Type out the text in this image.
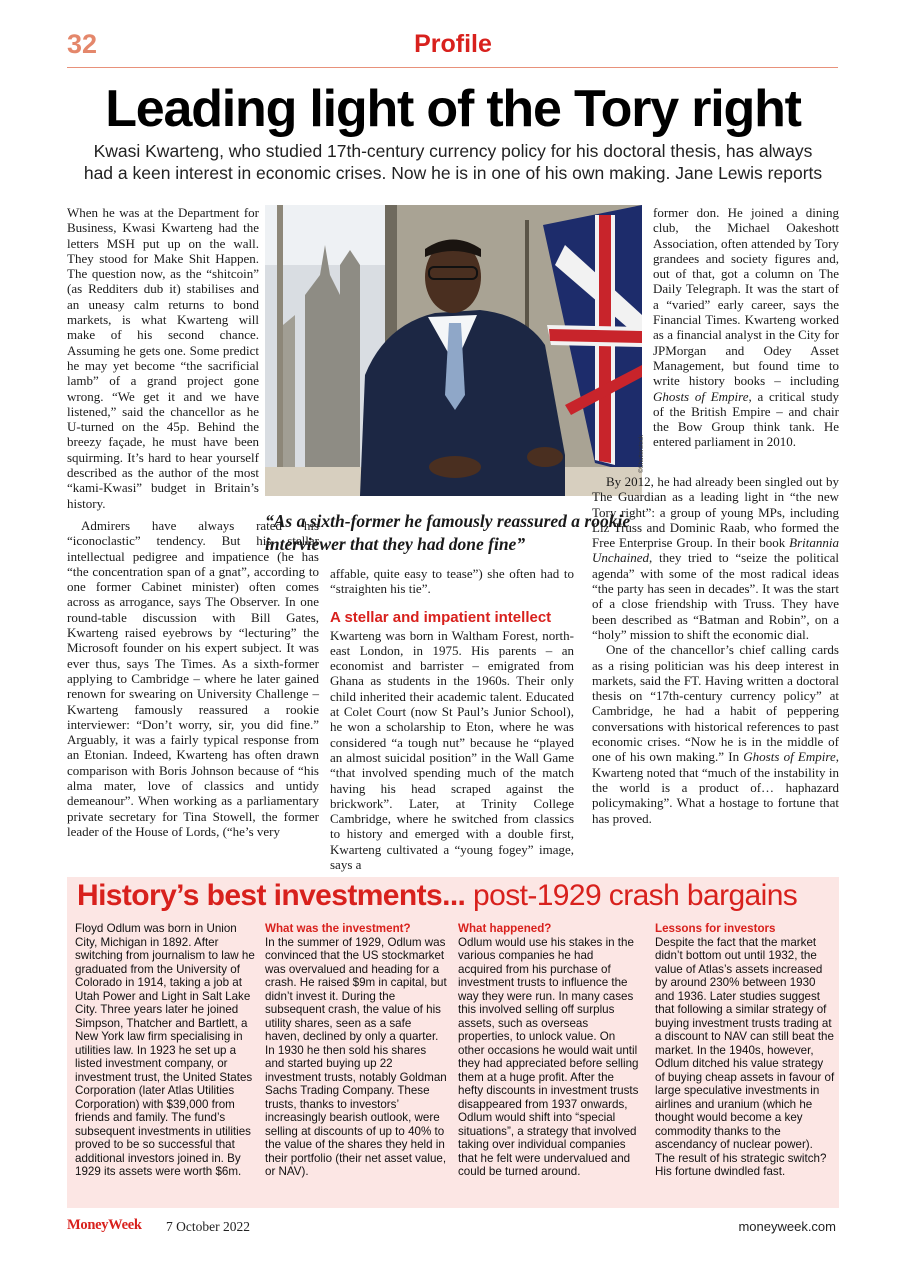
32	Profile
Leading light of the Tory right
Kwasi Kwarteng, who studied 17th-century currency policy for his doctoral thesis, has always had a keen interest in economic crises. Now he is in one of his own making. Jane Lewis reports

When he was at the Department for Business, Kwasi Kwarteng had the letters MSH put up on the wall. They stood for Make Shit Happen. The question now, as the “shitcoin” (as Redditers dub it) stabilises and an uneasy calm returns to bond markets, is what Kwarteng will make of his second chance. Assuming he gets one. Some predict he may yet become “the sacrificial lamb” of a grand project gone wrong. “We get it and we have listened,” said the chancellor as he U-turned on the 45p. Behind the breezy façade, he must have been squirming. It’s hard to hear yourself described as the author of the most “kami-Kwasi” budget in Britain’s history.

Admirers have always rated his “iconoclastic” tendency. But his stellar intellectual pedigree and impatience (he has “the concentration span of a gnat”, according to one former Cabinet minister) often comes across as arrogance, says The Observer. In one round-table discussion with Bill Gates, Kwarteng raised eyebrows by “lecturing” the Microsoft founder on his expert subject. It was ever thus, says The Times. As a sixth-former applying to Cambridge – where he later gained renown for swearing on University Challenge – Kwarteng famously reassured a rookie interviewer: “Don’t worry, sir, you did fine.” Arguably, it was a fairly typical response from an Etonian. Indeed, Kwarteng has often drawn comparison with Boris Johnson because of “his alma mater, love of classics and untidy demeanour”. When working as a parliamentary private secretary for Tina Stowell, the former leader of the House of Lords, (“he’s very

©Shutterstock
“As a sixth-former he famously reassured a rookie interviewer that they had done fine”

affable, quite easy to tease”) she often had to “straighten his tie”.

A stellar and impatient intellect

Kwarteng was born in Waltham Forest, north-east London, in 1975. His parents – an economist and barrister – emigrated from Ghana as students in the 1960s. Their only child inherited their academic talent. Educated at Colet Court (now St Paul’s Junior School), he won a scholarship to Eton, where he was considered “a tough nut” because he “played an almost suicidal position” in the Wall Game “that involved spending much of the match having his head scraped against the brickwork”. Later, at Trinity College Cambridge, where he switched from classics to history and emerged with a double first, Kwarteng cultivated a “young fogey” image, says a

former don. He joined a dining club, the Michael Oakeshott Association, often attended by Tory grandees and society figures and, out of that, got a column on The Daily Telegraph. It was the start of a “varied” early career, says the Financial Times. Kwarteng worked as a financial analyst in the City for JPMorgan and Odey Asset Management, but found time to write history books – including Ghosts of Empire, a critical study of the British Empire – and chair the Bow Group think tank. He entered parliament in 2010.

By 2012, he had already been singled out by The Guardian as a leading light in “the new Tory right”: a group of young MPs, including Liz Truss and Dominic Raab, who formed the Free Enterprise Group. In their book Britannia Unchained, they tried to “seize the political agenda” with some of the most radical ideas “the party has seen in decades”. It was the start of a close friendship with Truss. They have been described as “Batman and Robin”, on a “holy” mission to shift the economic dial.

One of the chancellor’s chief calling cards as a rising politician was his deep interest in markets, said the FT. Having written a doctoral thesis on “17th-century currency policy” at Cambridge, he had a habit of peppering conversations with historical references to past economic crises. “Now he is in the middle of one of his own making.” In Ghosts of Empire, Kwarteng noted that “much of the instability in the world is a product of… haphazard policymaking”. What a hostage to fortune that has proved.

History’s best investments... post-1929 crash bargains
Floyd Odlum was born in Union City, Michigan in 1892. After switching from journalism to law he graduated from the University of Colorado in 1914, taking a job at Utah Power and Light in Salt Lake City. Three years later he joined Simpson, Thatcher and Bartlett, a New York law firm specialising in utilities law. In 1923 he set up a listed investment company, or investment trust, the United States Corporation (later Atlas Utilities Corporation) with $39,000 from friends and family. The fund’s subsequent investments in utilities proved to be so successful that additional investors joined in. By 1929 its assets were worth $6m.
What was the investment?
In the summer of 1929, Odlum was convinced that the US stockmarket was overvalued and heading for a crash. He raised $9m in capital, but didn’t invest it. During the subsequent crash, the value of his utility shares, seen as a safe haven, declined by only a quarter. In 1930 he then sold his shares and started buying up 22 investment trusts, notably Goldman Sachs Trading Company. These trusts, thanks to investors’ increasingly bearish outlook, were selling at discounts of up to 40% to the value of the shares they held in their portfolio (their net asset value, or NAV).
What happened?
Odlum would use his stakes in the various companies he had acquired from his purchase of investment trusts to influence the way they were run. In many cases this involved selling off surplus assets, such as overseas properties, to unlock value. On other occasions he would wait until they had appreciated before selling them at a huge profit. After the hefty discounts in investment trusts disappeared from 1937 onwards, Odlum would shift into “special situations”, a strategy that involved taking over individual companies that he felt were undervalued and could be turned around.
Lessons for investors
Despite the fact that the market didn’t bottom out until 1932, the value of Atlas’s assets increased by around 230% between 1930 and 1936. Later studies suggest that following a similar strategy of buying investment trusts trading at a discount to NAV can still beat the market. In the 1940s, however, Odlum ditched his value strategy of buying cheap assets in favour of large speculative investments in airlines and uranium (which he thought would become a key commodity thanks to the ascendancy of nuclear power). The result of his strategic switch? His fortune dwindled fast.
MoneyWeek 7 October 2022	moneyweek.com
